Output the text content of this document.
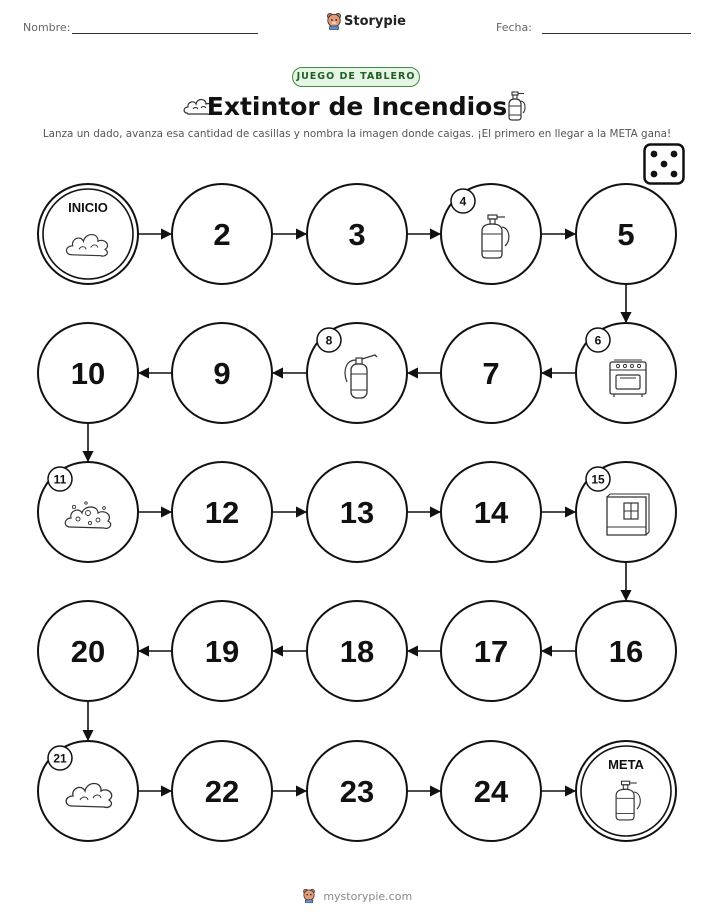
Nombre:	Storypie	Fecha:
JUEGO DE TABLERO
Extintor de Incendios
Lanza un dado, avanza esa cantidad de casillas y nombra la imagen donde caigas. ¡El primero en llegar a la META gana!
INICIO
2	3
4
5
6
7
8
9
10
11
12	13	14
15
16
17
18
19
20
21
22	23	24
META
mystorypie.com
